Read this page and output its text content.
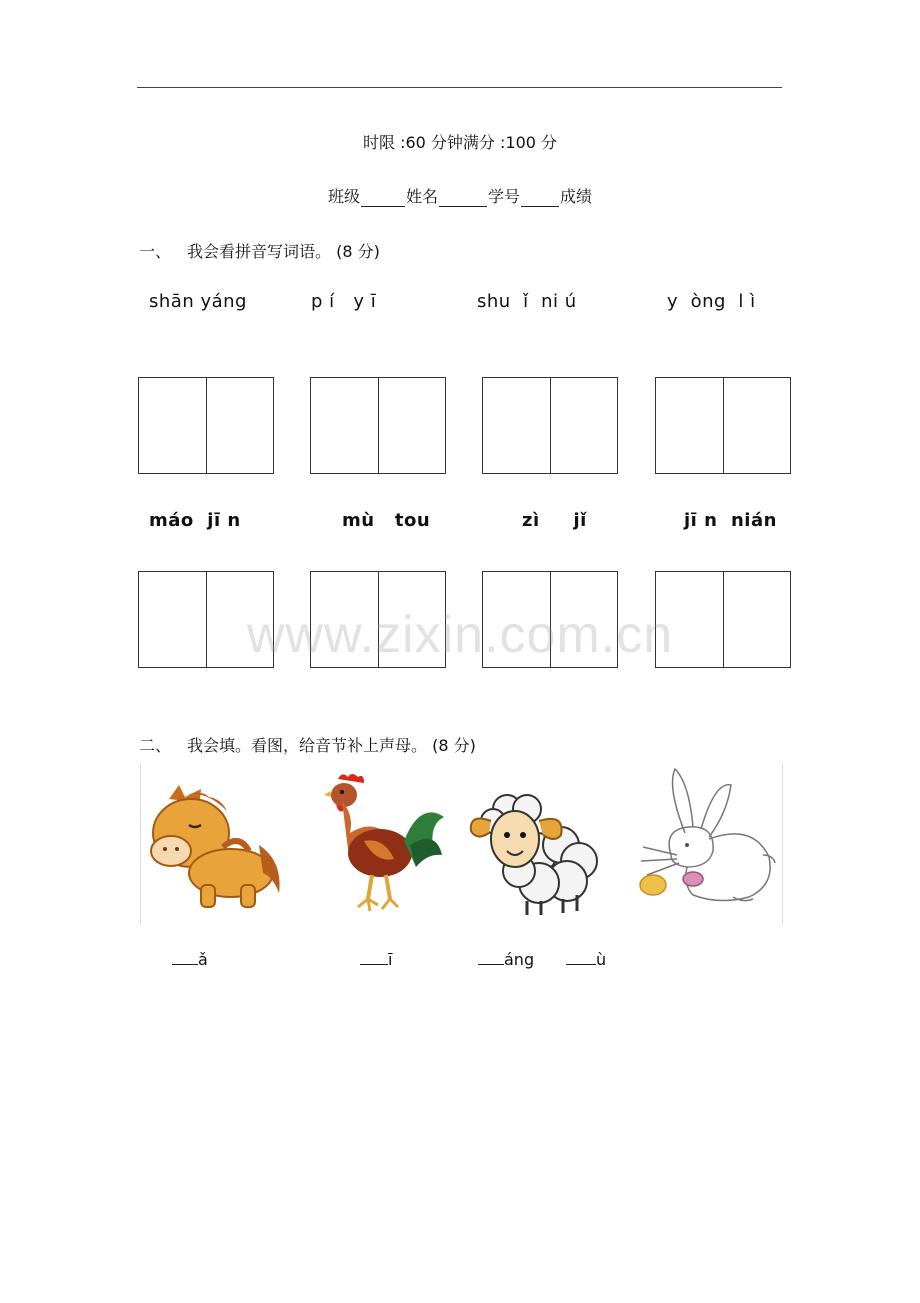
时限 :60 分钟满分 :100 分
班级	姓名	学号	成绩
一、 我会看拼音写词语。 (8 分)
shān yáng	p í   y ī	shu  ǐ  ni ú	y  òng  l ì
máo  jī n	mù   tou	zì     jǐ	jī n  nián
www.zixin.com.cn
二、 我会填。看图，给音节补上声母。 (8 分)
ǎ	ī	áng	ù
